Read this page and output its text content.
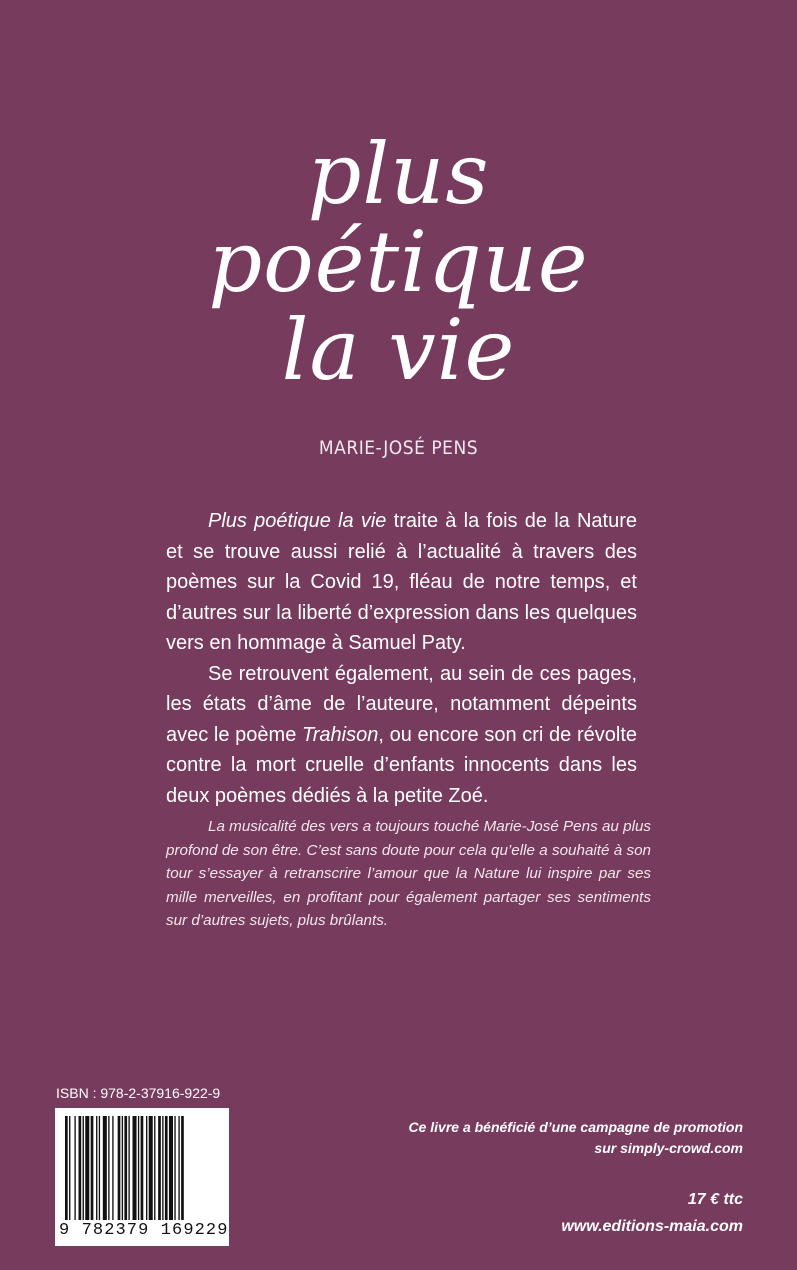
plus
poétique
la vie
MARIE-JOSÉ PENS

Plus poétique la vie traite à la fois de la Nature et se trouve aussi relié à l’actualité à travers des poèmes sur la Covid 19, fléau de notre temps, et d’autres sur la liberté d’expression dans les quelques vers en hommage à Samuel Paty.

Se retrouvent également, au sein de ces pages, les états d’âme de l’auteure, notamment dépeints avec le poème Trahison, ou encore son cri de révolte contre la mort cruelle d’enfants innocents dans les deux poèmes dédiés à la petite Zoé.

La musicalité des vers a toujours touché Marie-José Pens au plus profond de son être. C’est sans doute pour cela qu’elle a souhaité à son tour s’essayer à retranscrire l’amour que la Nature lui inspire par ses mille merveilles, en profitant pour également partager ses sentiments sur d’autres sujets, plus brûlants.

ISBN : 978-2-37916-922-9
9 782379 169229
Ce livre a bénéficié d’une campagne de promotion
sur simply-crowd.com
17 € ttc
www.editions-maia.com
